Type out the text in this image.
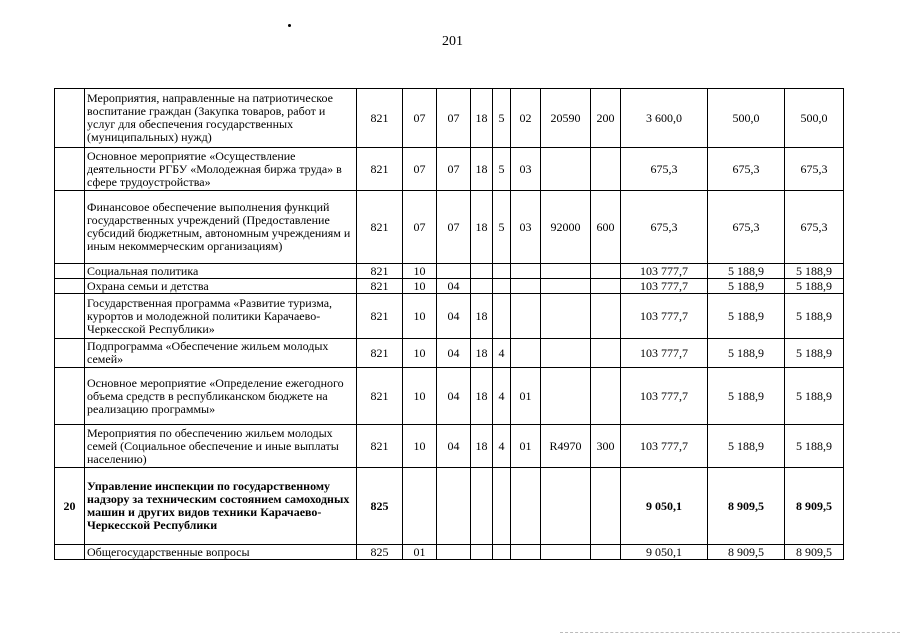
201
	Мероприятия, направленные на патриотическое воспитание граждан (Закупка товаров, работ и услуг для обеспечения государственных (муниципальных) нужд)	821	07	07	18	5	02	20590	200	3 600,0	500,0	500,0
	Основное мероприятие «Осуществление деятельности РГБУ «Молодежная биржа труда» в сфере трудоустройства»	821	07	07	18	5	03			675,3	675,3	675,3
	Финансовое обеспечение выполнения функций государственных учреждений (Предоставление субсидий бюджетным, автономным учреждениям и иным некоммерческим организациям)	821	07	07	18	5	03	92000	600	675,3	675,3	675,3
	Социальная политика	821	10							103 777,7	5 188,9	5 188,9
	Охрана семьи и детства	821	10	04						103 777,7	5 188,9	5 188,9
	Государственная программа «Развитие туризма, курортов и молодежной политики Карачаево-Черкесской Республики»	821	10	04	18					103 777,7	5 188,9	5 188,9
	Подпрограмма «Обеспечение жильем молодых семей»	821	10	04	18	4				103 777,7	5 188,9	5 188,9
	Основное мероприятие «Определение ежегодного объема средств в республиканском бюджете на реализацию программы»	821	10	04	18	4	01			103 777,7	5 188,9	5 188,9
	Мероприятия по обеспечению жильем молодых семей (Социальное обеспечение и иные выплаты населению)	821	10	04	18	4	01	R4970	300	103 777,7	5 188,9	5 188,9
20	Управление инспекции по государственному надзору за техническим состоянием самоходных машин и других видов техники Карачаево-Черкесской Республики	825								9 050,1	8 909,5	8 909,5
	Общегосударственные вопросы	825	01							9 050,1	8 909,5	8 909,5
